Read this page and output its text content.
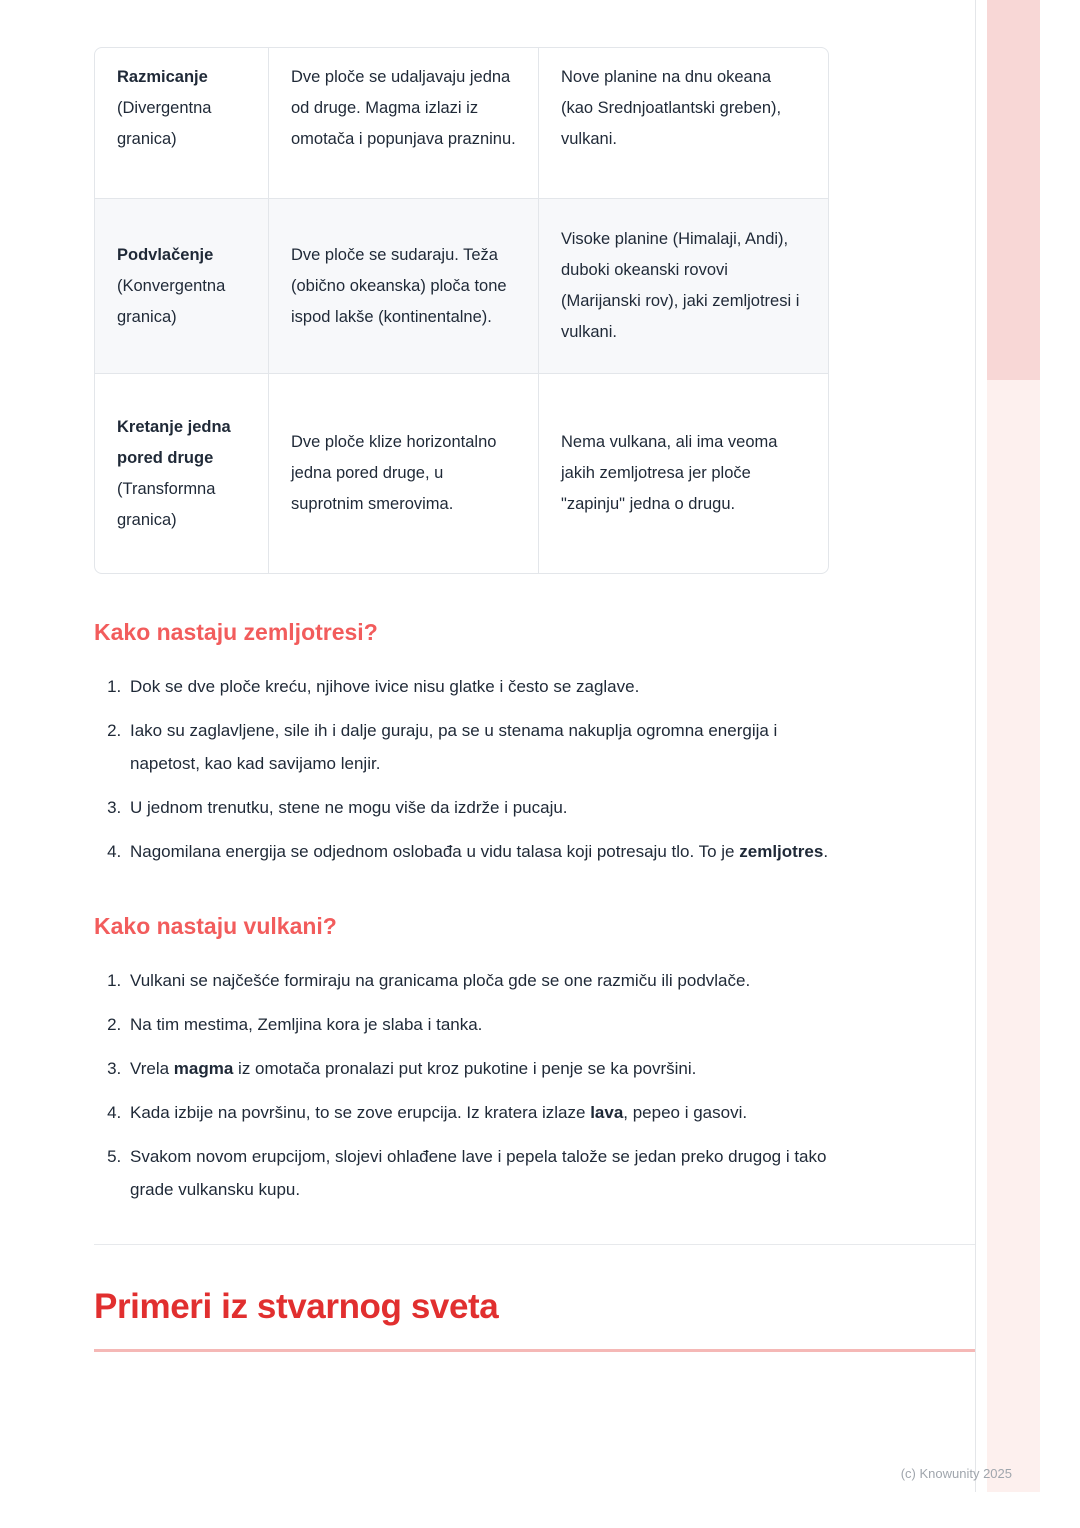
Razmicanje
(Divergentna granica)	Dve ploče se udaljavaju jedna od druge. Magma izlazi iz omotača i popunjava prazninu.	Nove planine na dnu okeana (kao Srednjoatlantski greben), vulkani.

Podvlačenje
(Konvergentna granica)	Dve ploče se sudaraju. Teža (obično okeanska) ploča tone ispod lakše (kontinentalne).	Visoke planine (Himalaji, Andi), duboki okeanski rovovi (Marijanski rov), jaki zemljotresi i vulkani.

Kretanje jedna pored druge
(Transformna granica)	Dve ploče klize horizontalno jedna pored druge, u suprotnim smerovima.	Nema vulkana, ali ima veoma jakih zemljotresa jer ploče "zapinju" jedna o drugu.
Kako nastaju zemljotresi?
1. Dok se dve ploče kreću, njihove ivice nisu glatke i često se zaglave.
2. Iako su zaglavljene, sile ih i dalje guraju, pa se u stenama nakuplja ogromna energija i napetost, kao kad savijamo lenjir.
3. U jednom trenutku, stene ne mogu više da izdrže i pucaju.
4. Nagomilana energija se odjednom oslobađa u vidu talasa koji potresaju tlo. To je zemljotres.
Kako nastaju vulkani?
1. Vulkani se najčešće formiraju na granicama ploča gde se one razmiču ili podvlače.
2. Na tim mestima, Zemljina kora je slaba i tanka.
3. Vrela magma iz omotača pronalazi put kroz pukotine i penje se ka površini.
4. Kada izbije na površinu, to se zove erupcija. Iz kratera izlaze lava, pepeo i gasovi.
5. Svakom novom erupcijom, slojevi ohlađene lave i pepela talože se jedan preko drugog i tako grade vulkansku kupu.
Primeri iz stvarnog sveta
(c) Knowunity 2025
